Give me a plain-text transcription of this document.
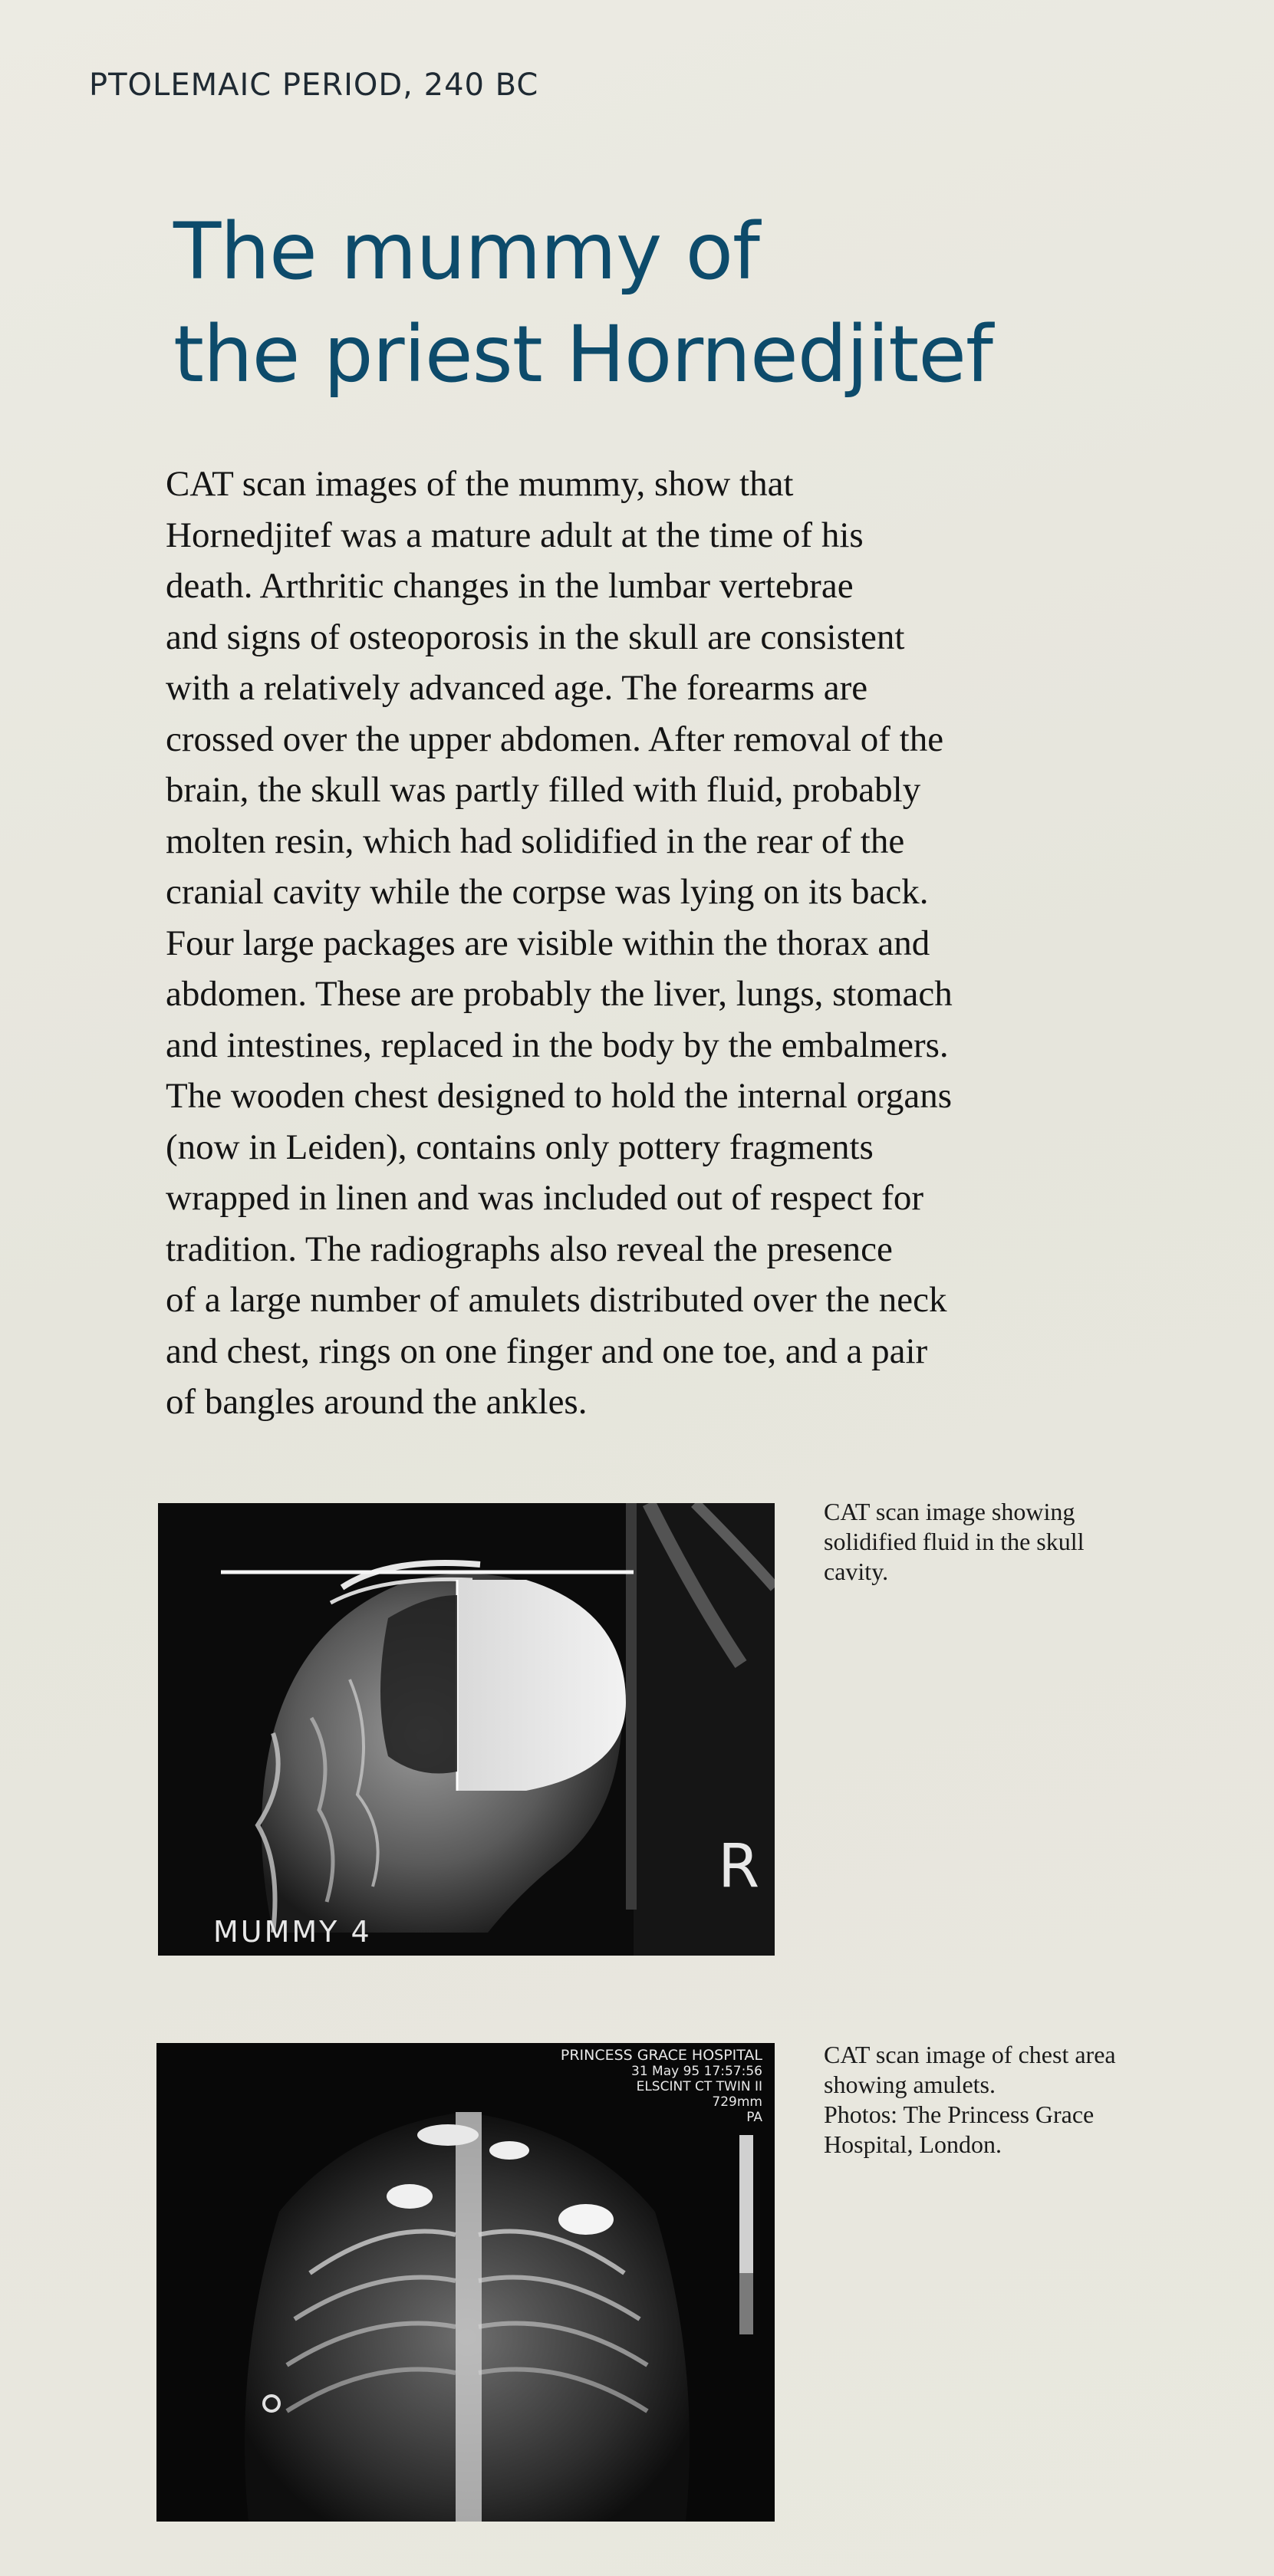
PTOLEMAIC PERIOD, 240 BC
The mummy of
the priest Hornedjitef
CAT scan images of the mummy, show that
Hornedjitef was a mature adult at the time of his
death. Arthritic changes in the lumbar vertebrae
and signs of osteoporosis in the skull are consistent
with a relatively advanced age. The forearms are
crossed over the upper abdomen. After removal of the
brain, the skull was partly filled with fluid, probably
molten resin, which had solidified in the rear of the
cranial cavity while the corpse was lying on its back.
Four large packages are visible within the thorax and
abdomen. These are probably the liver, lungs, stomach
and intestines, replaced in the body by the embalmers.
The wooden chest designed to hold the internal organs
(now in Leiden), contains only pottery fragments
wrapped in linen and was included out of respect for
tradition. The radiographs also reveal the presence
of a large number of amulets distributed over the neck
and chest, rings on one finger and one toe, and a pair
of bangles around the ankles.
MUMMY 4
R
CAT scan image showing
solidified fluid in the skull
cavity.
PRINCESS GRACE HOSPITAL
31 May 95 17:57:56
ELSCINT CT TWIN II
729mm
PA
CAT scan image of chest area
showing amulets.
Photos: The Princess Grace
Hospital, London.
